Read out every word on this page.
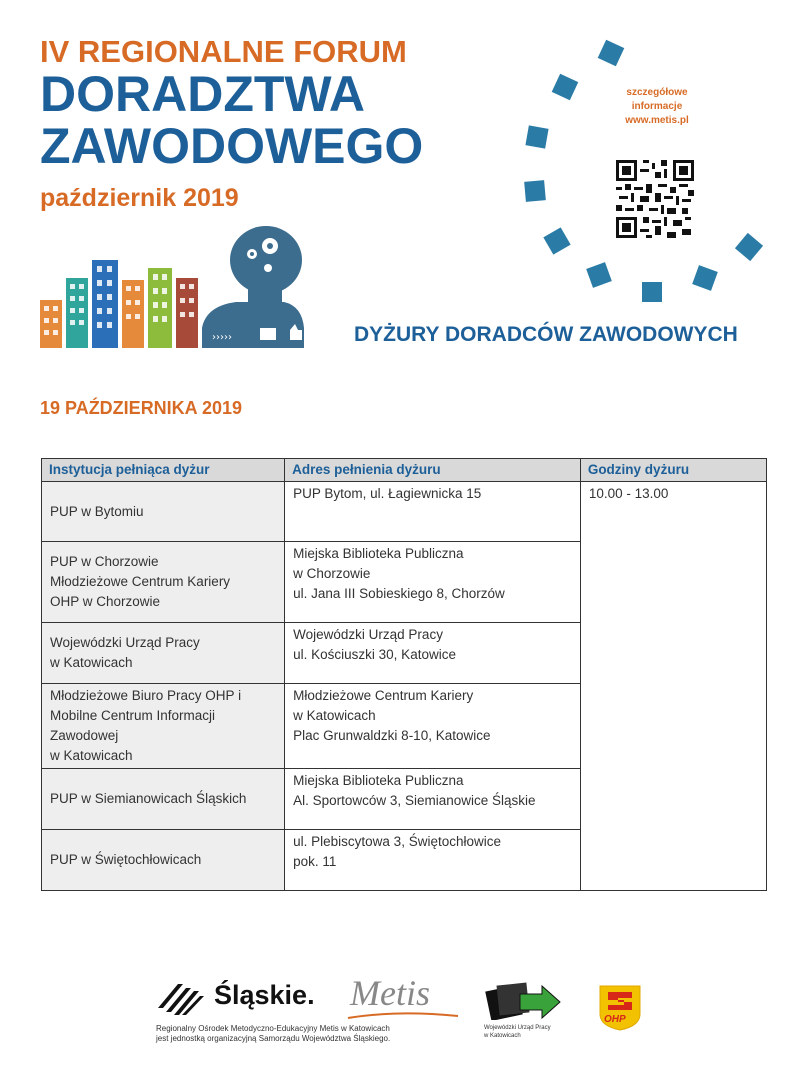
IV REGIONALNE FORUM
DORADZTWA
ZAWODOWEGO
październik 2019
szczegółowe
informacje
www.metis.pl
›››››	DYŻURY DORADCÓW ZAWODOWYCH
19 PAŹDZIERNIKA 2019
Instytucja pełniąca dyżur	Adres pełnienia dyżuru	Godziny dyżuru

PUP w Bytomiu	PUP Bytom, ul. Łagiewnicka 15	10.00 - 13.00

PUP w Chorzowie
Młodzieżowe Centrum Kariery
OHP w Chorzowie	Miejska Biblioteka Publiczna
w Chorzowie
ul. Jana III Sobieskiego 8, Chorzów	

Wojewódzki Urząd Pracy
w Katowicach	Wojewódzki Urząd Pracy
ul. Kościuszki 30, Katowice	

Młodzieżowe Biuro Pracy OHP i
Mobilne Centrum Informacji
Zawodowej
w Katowicach	Młodzieżowe Centrum Kariery
w Katowicach
Plac Grunwaldzki 8-10, Katowice	

PUP w Siemianowicach Śląskich	Miejska Biblioteka Publiczna
Al. Sportowców 3, Siemianowice Śląskie	

PUP w Świętochłowicach	ul. Plebiscytowa 3, Świętochłowice
pok. 11	
Śląskie. Metis
Regionalny Ośrodek Metodyczno-Edukacyjny Metis w Katowicach
jest jednostką organizacyjną Samorządu Województwa Śląskiego.
Wojewódzki Urząd Pracy
w Katowicach
OHP
